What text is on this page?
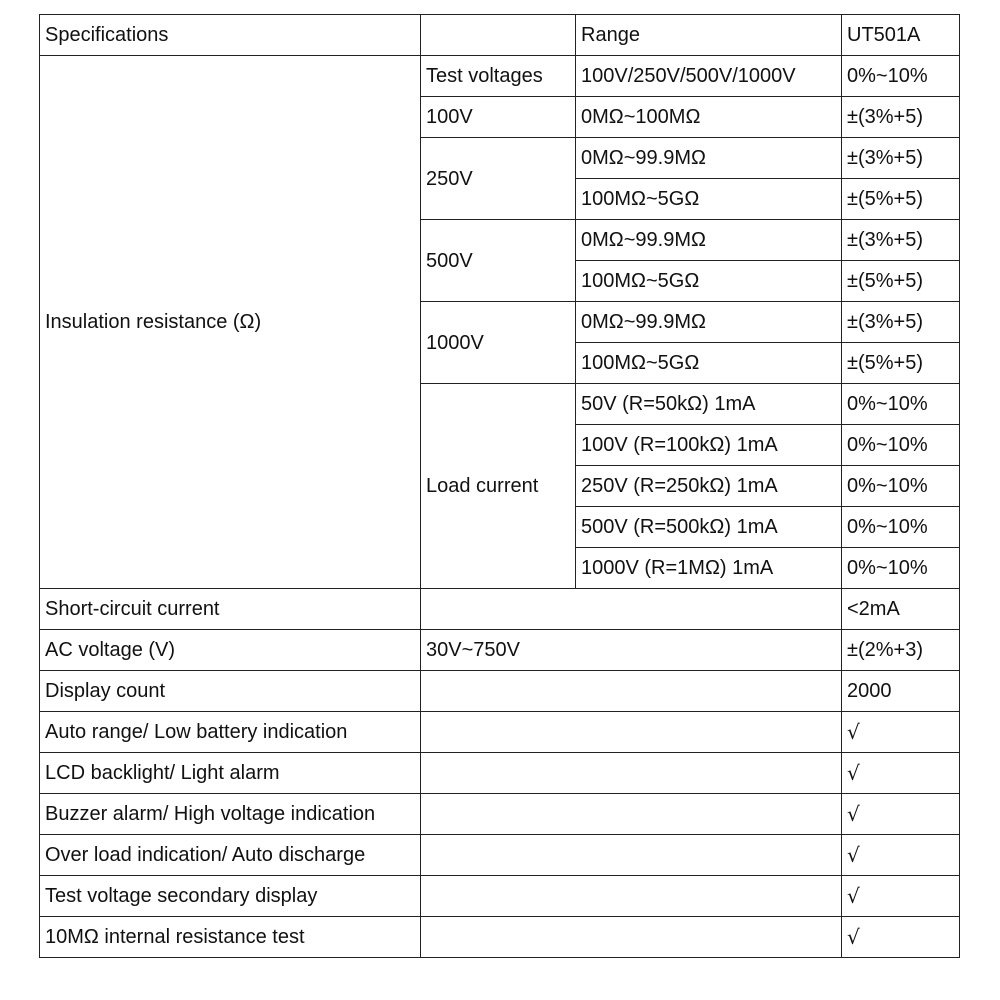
Specifications		Range	UT501A
Insulation resistance (Ω)	Test voltages	100V/250V/500V/1000V	0%~10%
	100V	0MΩ~100MΩ	±(3%+5)
	250V	0MΩ~99.9MΩ	±(3%+5)
		100MΩ~5GΩ	±(5%+5)
	500V	0MΩ~99.9MΩ	±(3%+5)
		100MΩ~5GΩ	±(5%+5)
	1000V	0MΩ~99.9MΩ	±(3%+5)
		100MΩ~5GΩ	±(5%+5)
	Load current	50V (R=50kΩ) 1mA	0%~10%
		100V (R=100kΩ) 1mA	0%~10%
		250V (R=250kΩ) 1mA	0%~10%
		500V (R=500kΩ) 1mA	0%~10%
		1000V (R=1MΩ) 1mA	0%~10%
Short-circuit current			<2mA
AC voltage (V)	30V~750V		±(2%+3)
Display count			2000
Auto range/ Low battery indication			√
LCD backlight/ Light alarm			√
Buzzer alarm/ High voltage indication			√
Over load indication/ Auto discharge			√
Test voltage secondary display			√
10MΩ internal resistance test			√
